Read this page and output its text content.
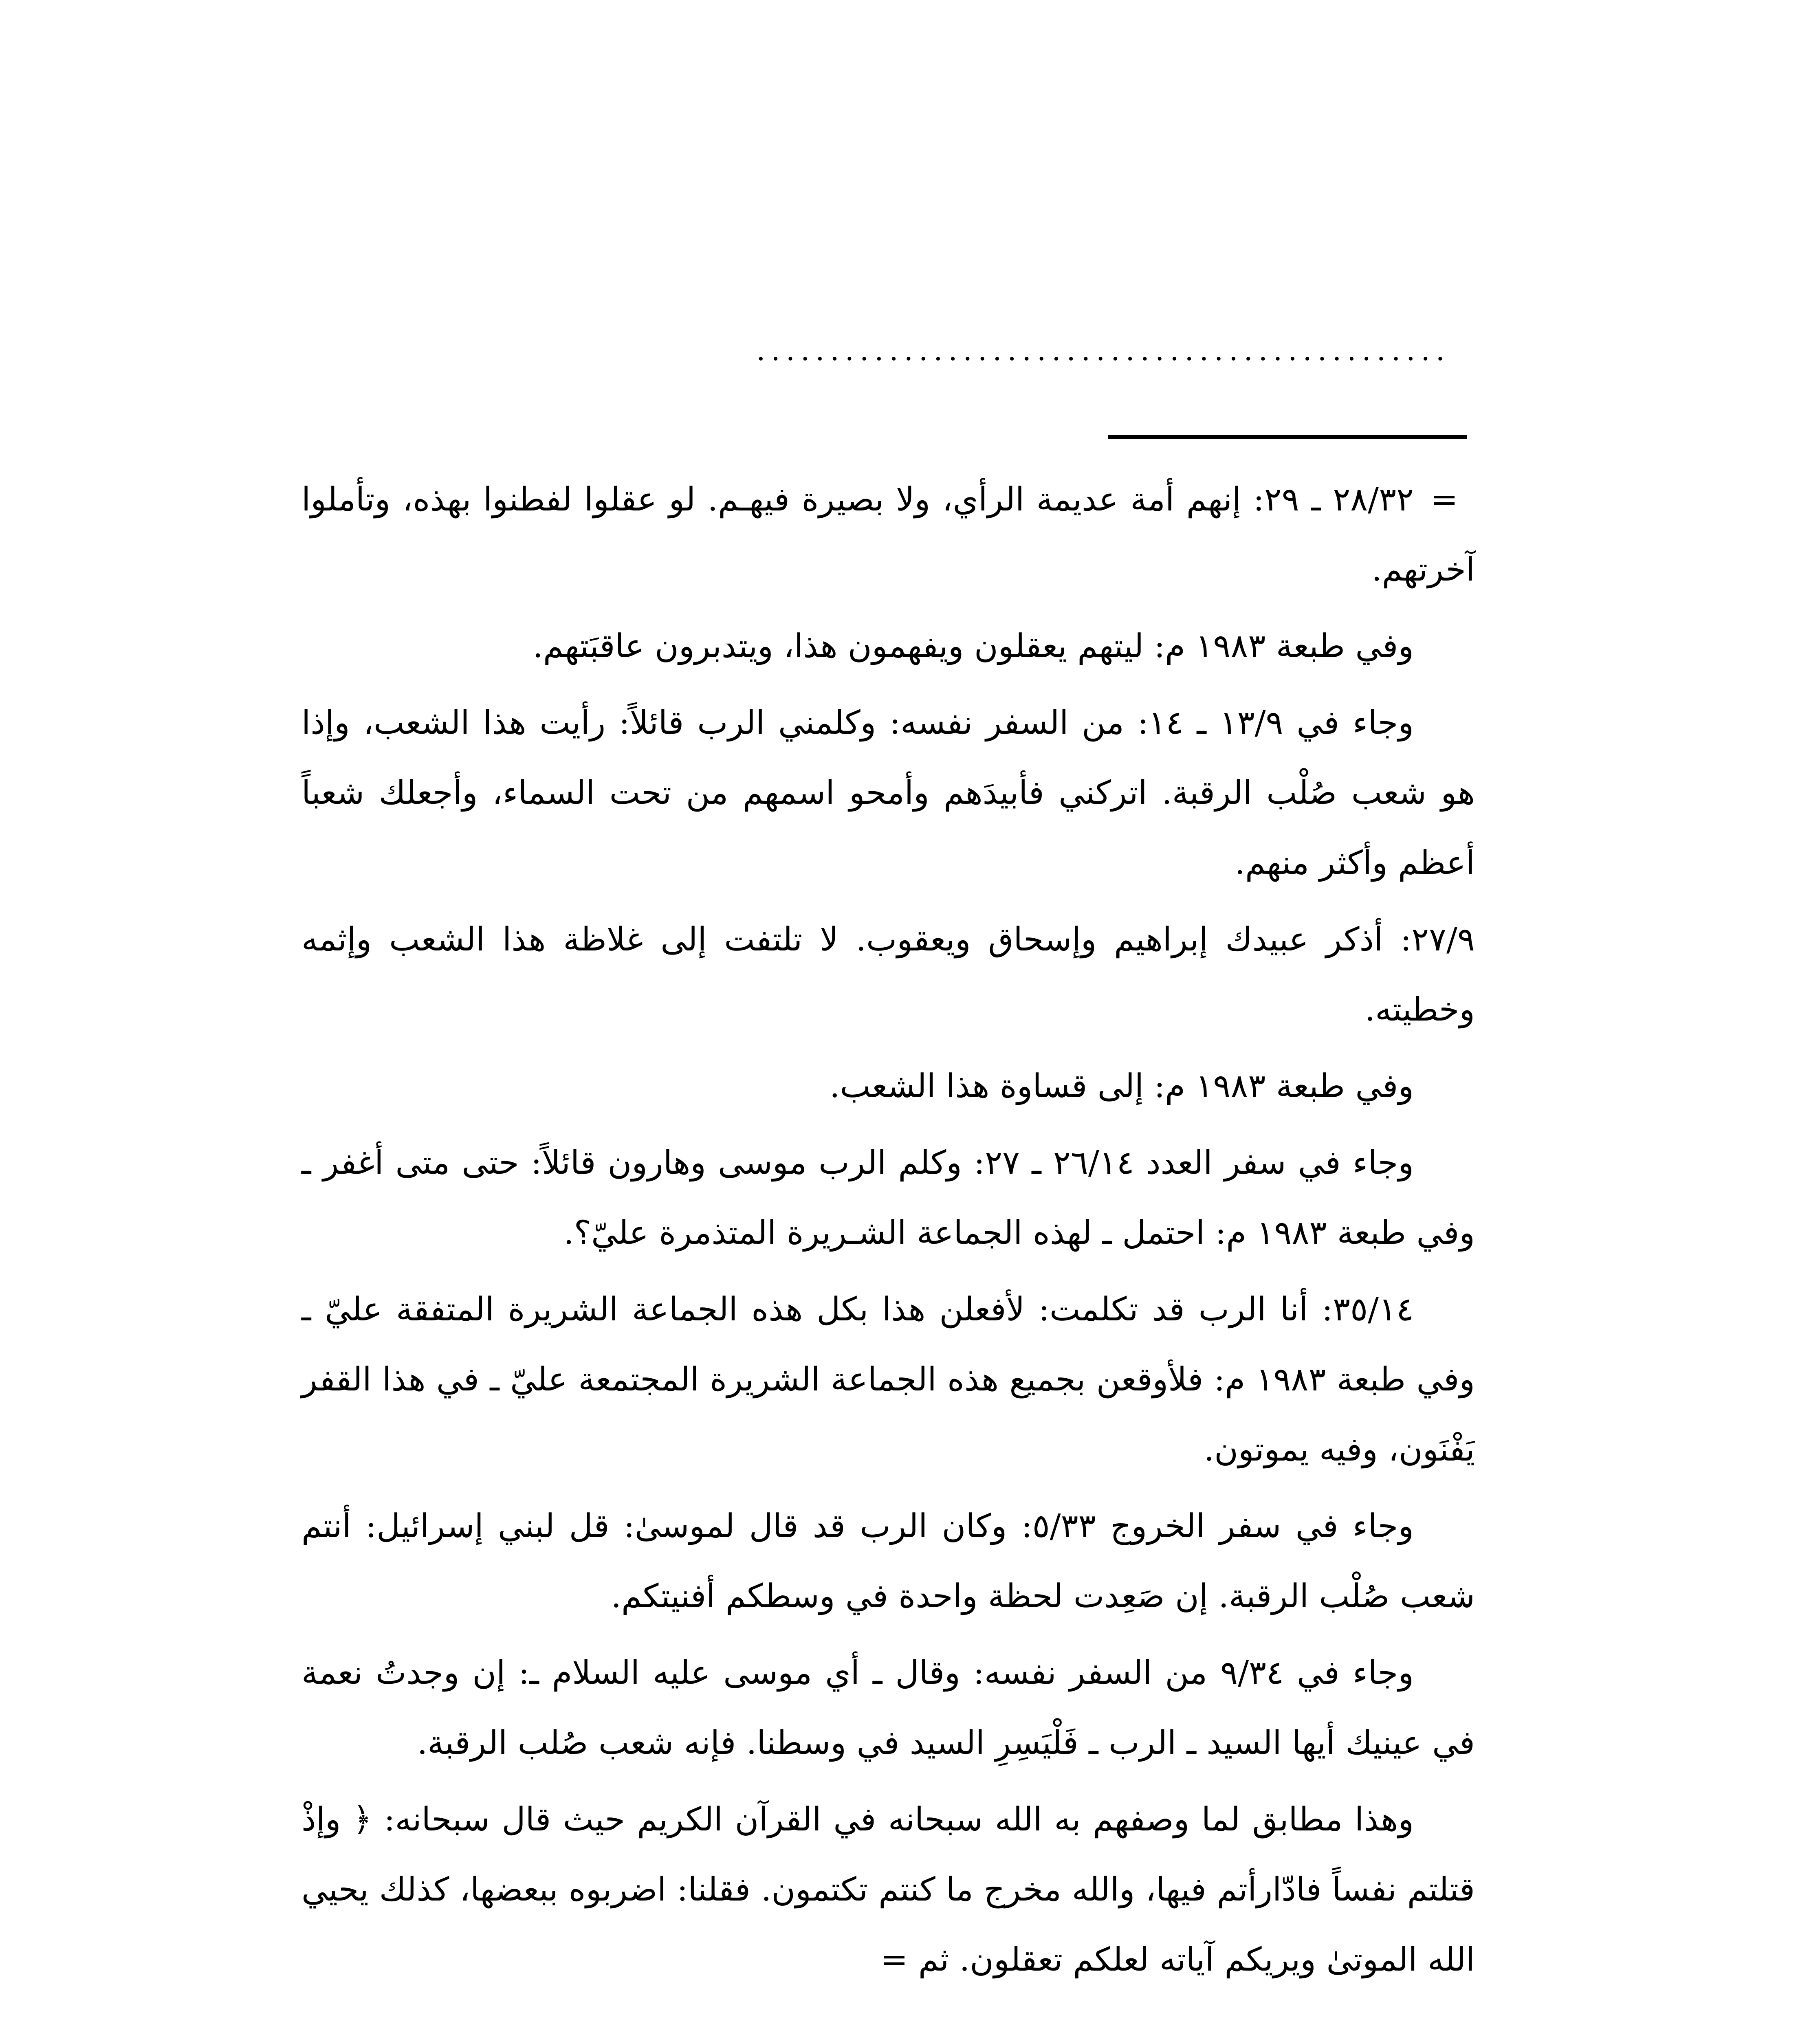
...............................................

=٢٨/٣٢ ـ ٢٩: إنهم أمة عديمة الرأي، ولا بصيرة فيهـم. لو عقلوا لفطنوا بهذه، وتأملوا آخرتهم.

وفي طبعة ١٩٨٣ م: ليتهم يعقلون ويفهمون هذا، ويتدبرون عاقبَتهم.

وجاء في ١٣/٩ ـ ١٤: من السفر نفسه: وكلمني الرب قائلاً: رأيت هذا الشعب، وإذا هو شعب صُلْب الرقبة. اتركني فأبيدَهم وأمحو اسمهم من تحت السماء، وأجعلك شعباً أعظم وأكثر منهم.

٢٧/٩: أذكر عبيدك إبراهيم وإسحاق ويعقوب. لا تلتفت إلى غلاظة هذا الشعب وإثمه وخطيته.

وفي طبعة ١٩٨٣ م: إلى قساوة هذا الشعب.

وجاء في سفر العدد ٢٦/١٤ ـ ٢٧: وكلم الرب موسى وهارون قائلاً: حتى متى أغفر ـ وفي طبعة ١٩٨٣ م: احتمل ـ لهذه الجماعة الشـريرة المتذمرة عليّ؟.

٣٥/١٤: أنا الرب قد تكلمت: لأفعلن هذا بكل هذه الجماعة الشريرة المتفقة عليّ ـ وفي طبعة ١٩٨٣ م: فلأوقعن بجميع هذه الجماعة الشريرة المجتمعة عليّ ـ في هذا القفر يَفْنَون، وفيه يموتون.

وجاء في سفر الخروج ٥/٣٣: وكان الرب قد قال لموسىٰ: قل لبني إسرائيل: أنتم شعب صُلْب الرقبة. إن صَعِدت لحظة واحدة في وسطكم أفنيتكم.

وجاء في ٩/٣٤ من السفر نفسه: وقال ـ أي موسى عليه السلام ـ: إن وجدتُ نعمة في عينيك أيها السيد ـ الرب ـ فَلْيَسِرِ السيد في وسطنا. فإنه شعب صُلب الرقبة.

وهذا مطابق لما وصفهم به الله سبحانه في القرآن الكريم حيث قال سبحانه: ﴿ وإذْ قتلتم نفساً فادّارأتم فيها، والله مخرج ما كنتم تكتمون. فقلنا: اضربوه ببعضها، كذلك يحيي الله الموتىٰ ويريكم آياته لعلكم تعقلون. ثم =
